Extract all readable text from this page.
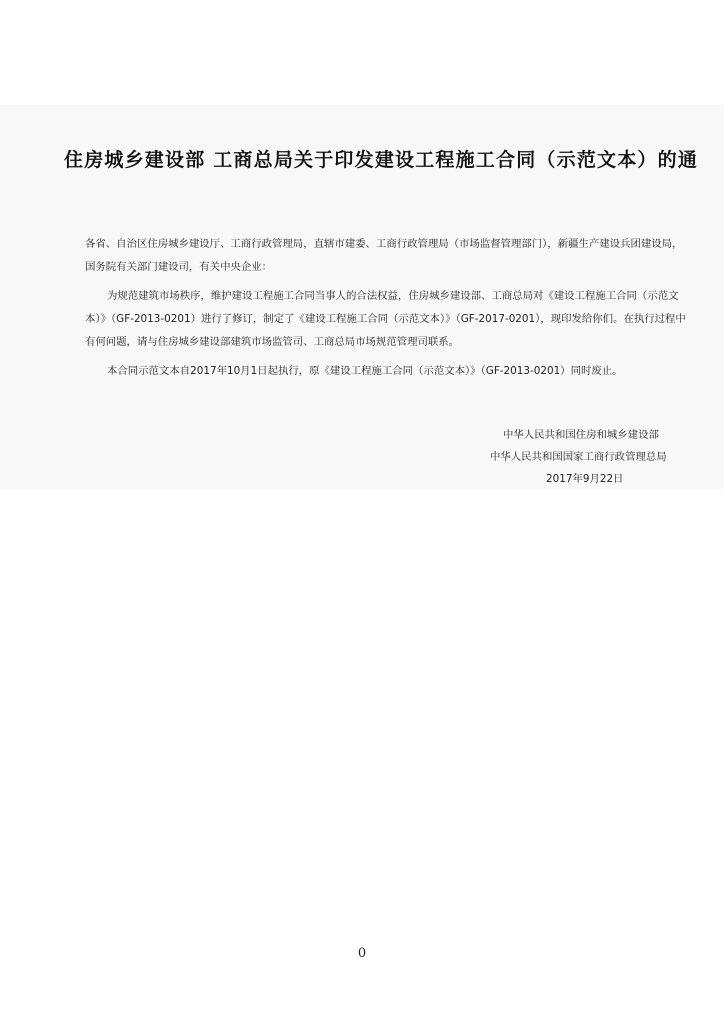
住房城乡建设部 工商总局关于印发建设工程施工合同（示范文本）的通
各省、自治区住房城乡建设厅、工商行政管理局，直辖市建委、工商行政管理局（市场监督管理部门），新疆生产建设兵团建设局，
国务院有关部门建设司，有关中央企业：
为规范建筑市场秩序，维护建设工程施工合同当事人的合法权益，住房城乡建设部、工商总局对《建设工程施工合同（示范文
本）》（GF-2013-0201）进行了修订，制定了《建设工程施工合同（示范文本）》（GF-2017-0201），现印发给你们。在执行过程中
有何问题，请与住房城乡建设部建筑市场监管司、工商总局市场规范管理司联系。
本合同示范文本自2017年10月1日起执行，原《建设工程施工合同（示范文本）》（GF-2013-0201）同时废止。
中华人民共和国住房和城乡建设部
中华人民共和国国家工商行政管理总局
2017年9月22日
0
